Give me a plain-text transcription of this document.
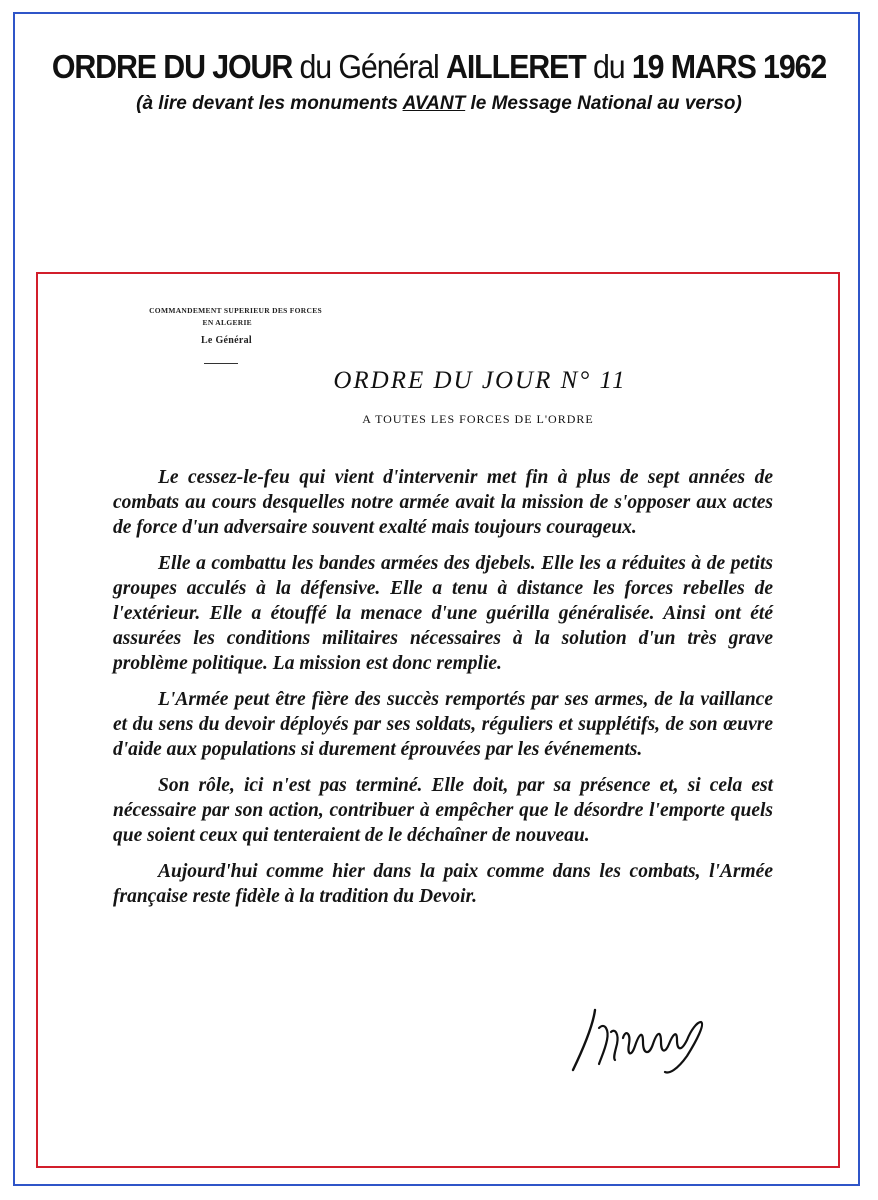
ORDRE DU JOUR du Général AILLERET du 19 MARS 1962
(à lire devant les monuments AVANT le Message National au verso)
COMMANDEMENT SUPERIEUR DES FORCES
EN ALGERIE
Le Général
ORDRE DU JOUR N° 11
A TOUTES LES FORCES DE L'ORDRE

Le cessez-le-feu qui vient d'intervenir met fin à plus de sept années de combats au cours desquelles notre armée avait la mission de s'opposer aux actes de force d'un adversaire souvent exalté mais toujours courageux.

Elle a combattu les bandes armées des djebels. Elle les a réduites à de petits groupes acculés à la défensive. Elle a tenu à distance les forces rebelles de l'extérieur. Elle a étouffé la menace d'une guérilla généralisée. Ainsi ont été assurées les conditions militaires nécessaires à la solution d'un très grave problème politique. La mission est donc remplie.

L'Armée peut être fière des succès remportés par ses armes, de la vaillance et du sens du devoir déployés par ses soldats, réguliers et supplétifs, de son œuvre d'aide aux populations si durement éprouvées par les événements.

Son rôle, ici n'est pas terminé. Elle doit, par sa présence et, si cela est nécessaire par son action, contribuer à empêcher que le désordre l'emporte quels que soient ceux qui tenteraient de le déchaîner de nouveau.

Aujourd'hui comme hier dans la paix comme dans les combats, l'Armée française reste fidèle à la tradition du Devoir.
